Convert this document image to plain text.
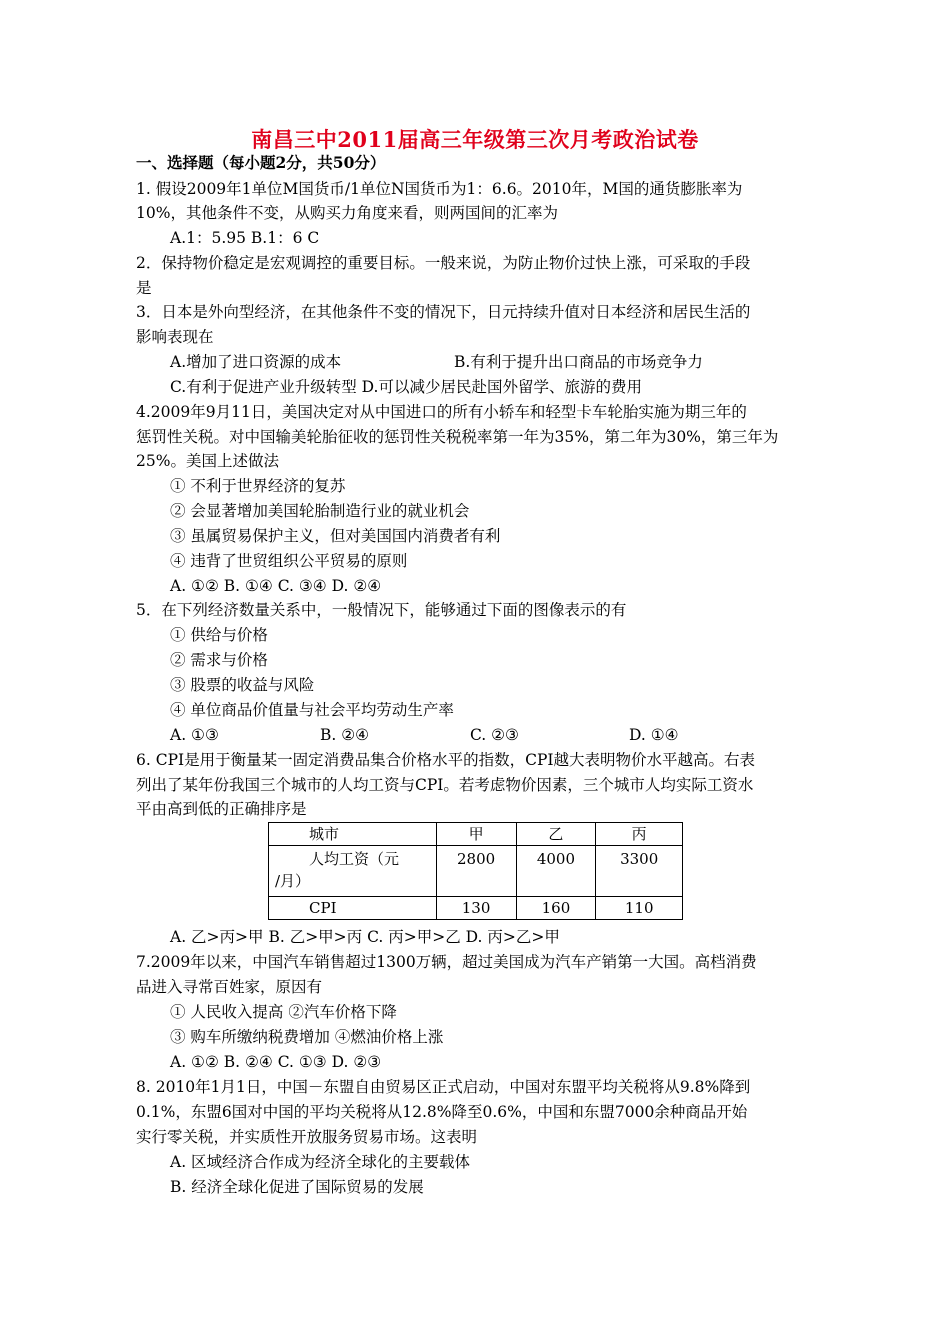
南昌三中2011届高三年级第三次月考政治试卷
一、选择题（每小题2分，共50分）
1. 假设2009年1单位M国货币/1单位N国货币为1：6.6。2010年，M国的通货膨胀率为
10%，其他条件不变，从购买力角度来看，则两国间的汇率为
A.1：5.95 B.1：6 C
2．保持物价稳定是宏观调控的重要目标。一般来说，为防止物价过快上涨，可采取的手段
是
3．日本是外向型经济，在其他条件不变的情况下，日元持续升值对日本经济和居民生活的
影响表现在
A.增加了进口资源的成本	B.有利于提升出口商品的市场竞争力
C.有利于促进产业升级转型 D.可以减少居民赴国外留学、旅游的费用
4.2009年9月11日，美国决定对从中国进口的所有小轿车和轻型卡车轮胎实施为期三年的
惩罚性关税。对中国输美轮胎征收的惩罚性关税税率第一年为35%，第二年为30%，第三年为
25%。美国上述做法
① 不利于世界经济的复苏
② 会显著增加美国轮胎制造行业的就业机会
③ 虽属贸易保护主义，但对美国国内消费者有利
④ 违背了世贸组织公平贸易的原则
A. ①② B. ①④ C. ③④ D. ②④
5．在下列经济数量关系中，一般情况下，能够通过下面的图像表示的有
① 供给与价格
② 需求与价格
③ 股票的收益与风险
④ 单位商品价值量与社会平均劳动生产率
A. ①③	B. ②④	C. ②③	D. ①④
6. CPI是用于衡量某一固定消费品集合价格水平的指数，CPI越大表明物价水平越高。右表
列出了某年份我国三个城市的人均工资与CPI。若考虑物价因素，三个城市人均实际工资水
平由高到低的正确排序是
城市	甲	乙	丙

人均工资（元
/月）	2800	4000	3300
CPI	130	160	110
A. 乙>丙>甲 B. 乙>甲>丙 C. 丙>甲>乙 D. 丙>乙>甲
7.2009年以来，中国汽车销售超过1300万辆，超过美国成为汽车产销第一大国。高档消费
品进入寻常百姓家，原因有
① 人民收入提高 ②汽车价格下降
③ 购车所缴纳税费增加 ④燃油价格上涨
A. ①② B. ②④ C. ①③ D. ②③
8. 2010年1月1日，中国－东盟自由贸易区正式启动，中国对东盟平均关税将从9.8%降到
0.1%，东盟6国对中国的平均关税将从12.8%降至0.6%，中国和东盟7000余种商品开始
实行零关税，并实质性开放服务贸易市场。这表明
A. 区域经济合作成为经济全球化的主要载体
B. 经济全球化促进了国际贸易的发展
